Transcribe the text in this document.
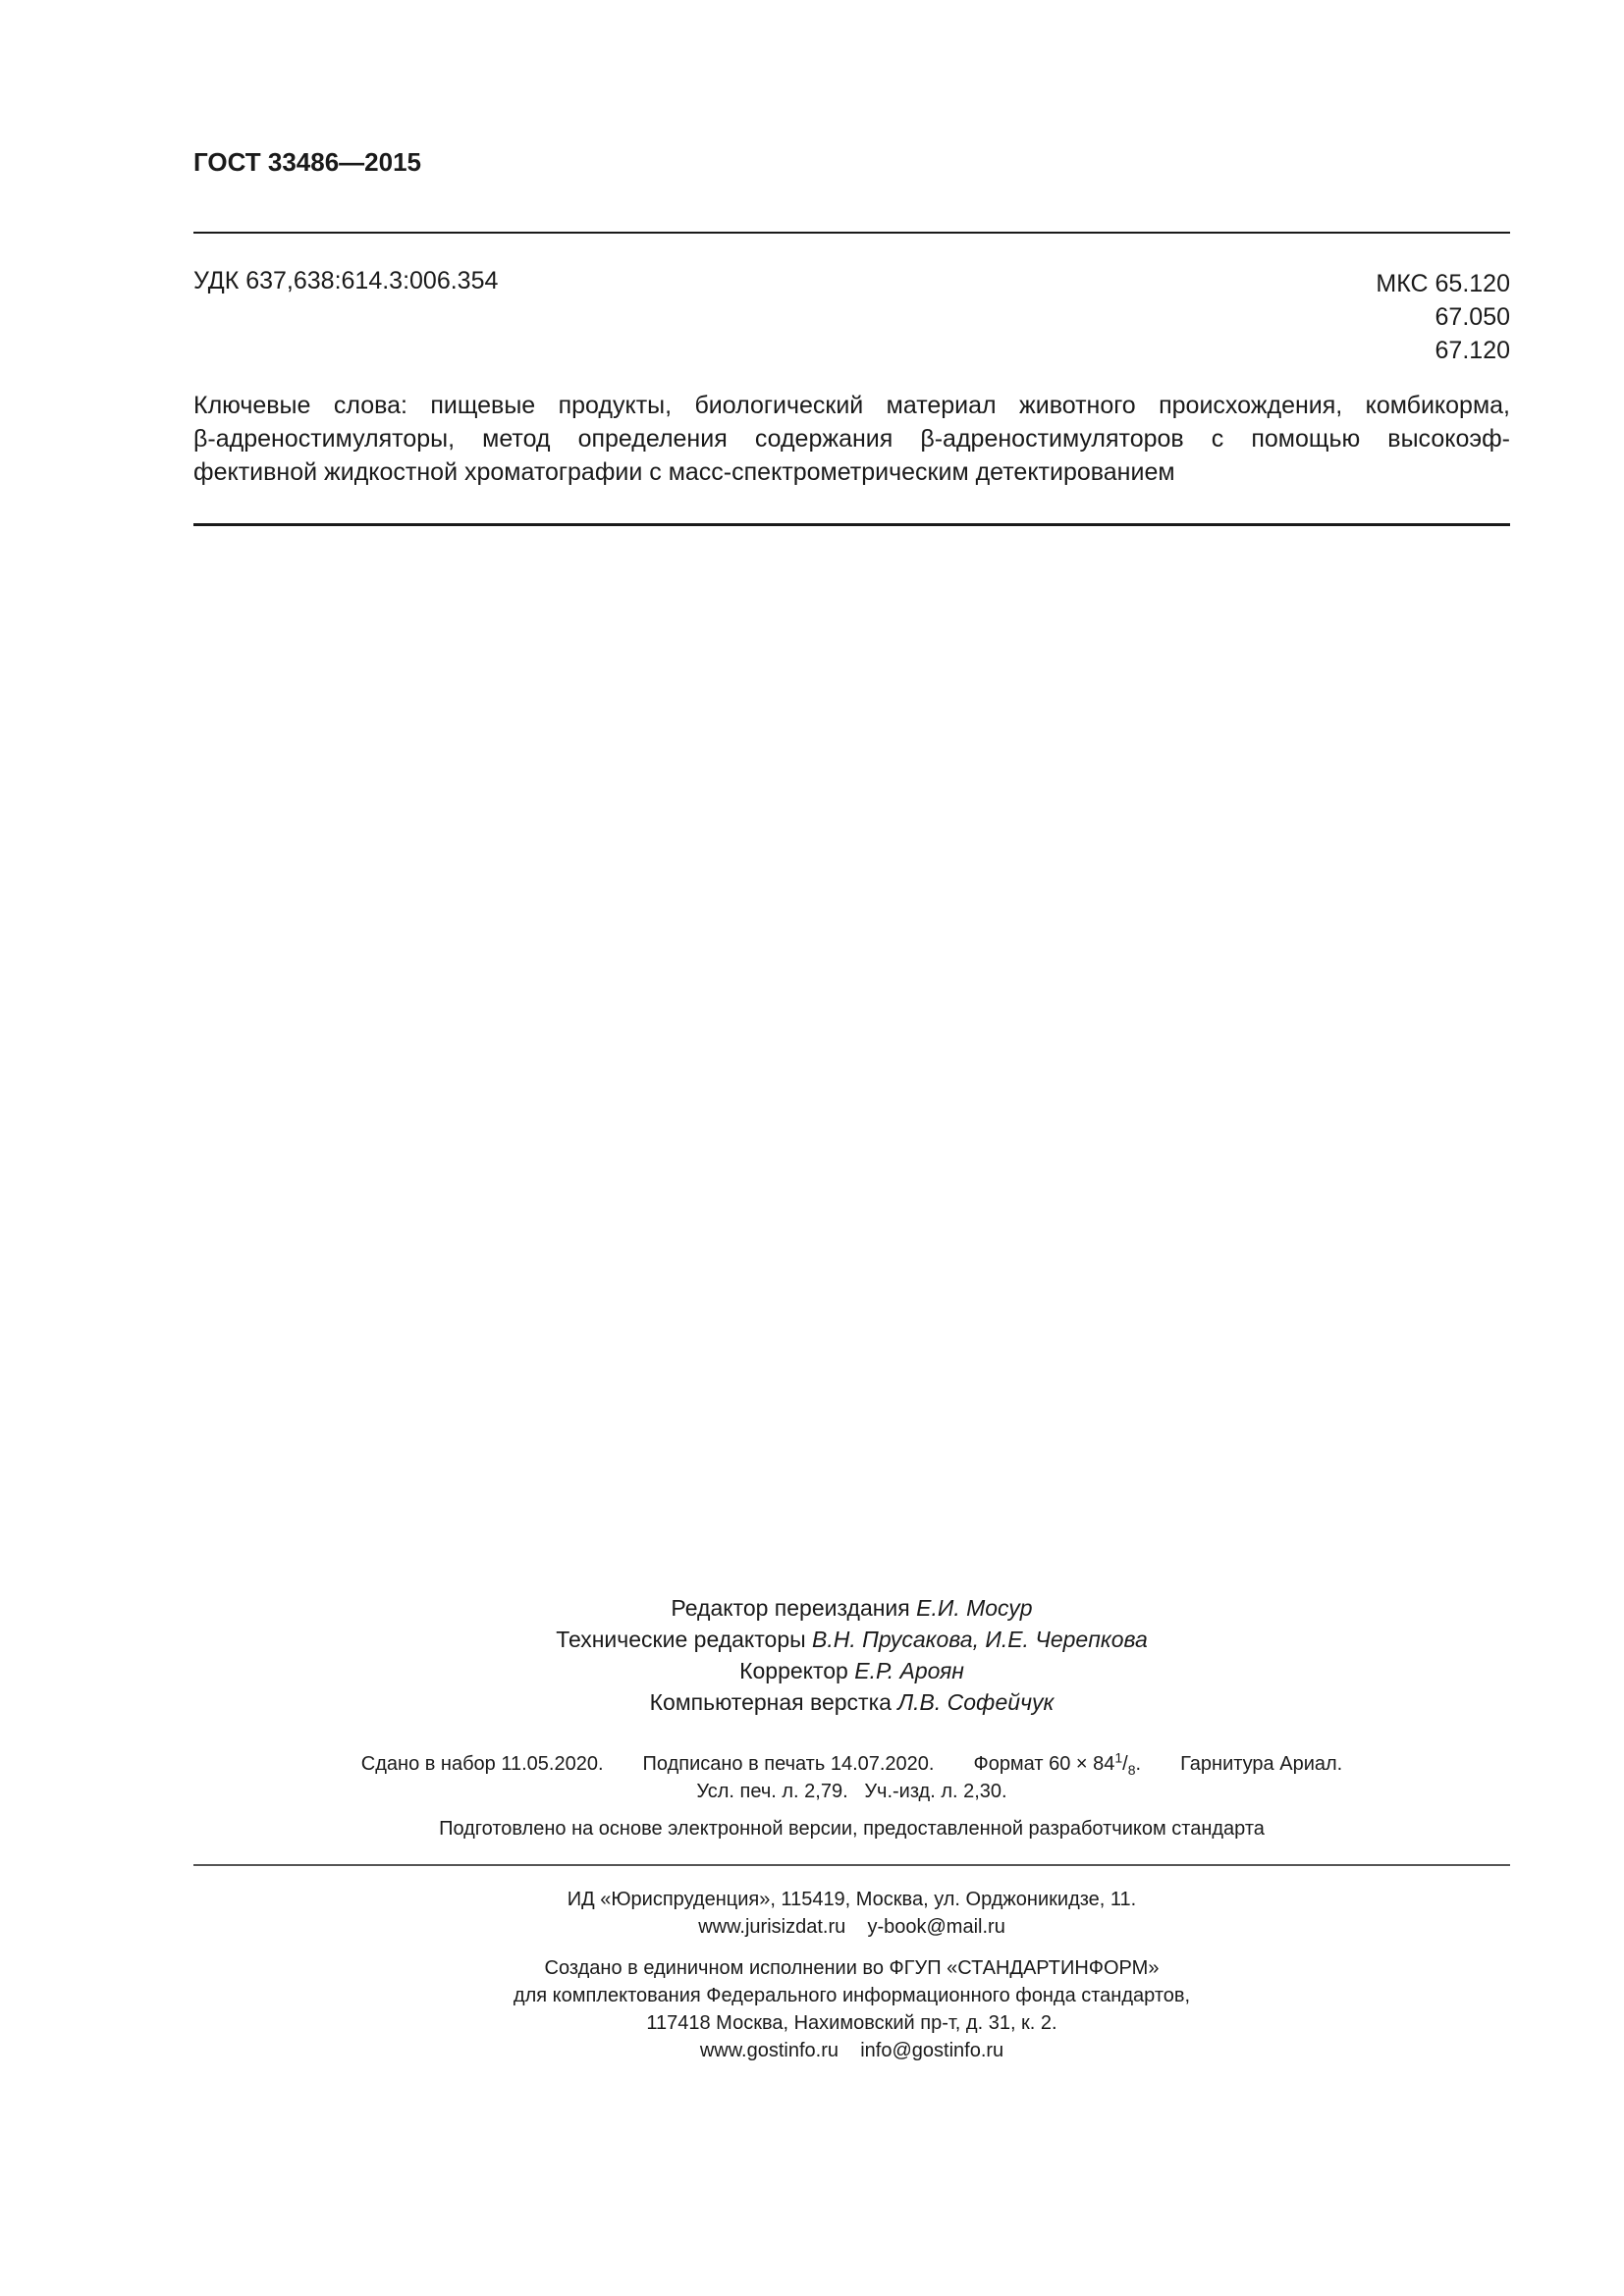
ГОСТ 33486—2015
УДК 637,638:614.3:006.354	МКС 65.120
67.050
67.120
Ключевые слова: пищевые продукты, биологический материал животного происхождения, комбикорма,
β-адреностимуляторы, метод определения содержания β-адреностимуляторов с помощью высокоэф-
фективной жидкостной хроматографии с масс-спектрометрическим детектированием
Редактор переиздания Е.И. Мосур
Технические редакторы В.Н. Прусакова, И.Е. Черепкова
Корректор Е.Р. Ароян
Компьютерная верстка Л.В. Софейчук
Сдано в набор 11.05.2020. Подписано в печать 14.07.2020. Формат $60 \times 84^1/_8$. Гарнитура Ариал.
Усл. печ. л. 2,79. Уч.-изд. л. 2,30.
Подготовлено на основе электронной версии, предоставленной разработчиком стандарта
ИД «Юриспруденция», 115419, Москва, ул. Орджоникидзе, 11.
www.jurisizdat.ru y-book@mail.ru
Создано в единичном исполнении во ФГУП «СТАНДАРТИНФОРМ»
для комплектования Федерального информационного фонда стандартов,
117418 Москва, Нахимовский пр-т, д. 31, к. 2.
www.gostinfo.ru info@gostinfo.ru
